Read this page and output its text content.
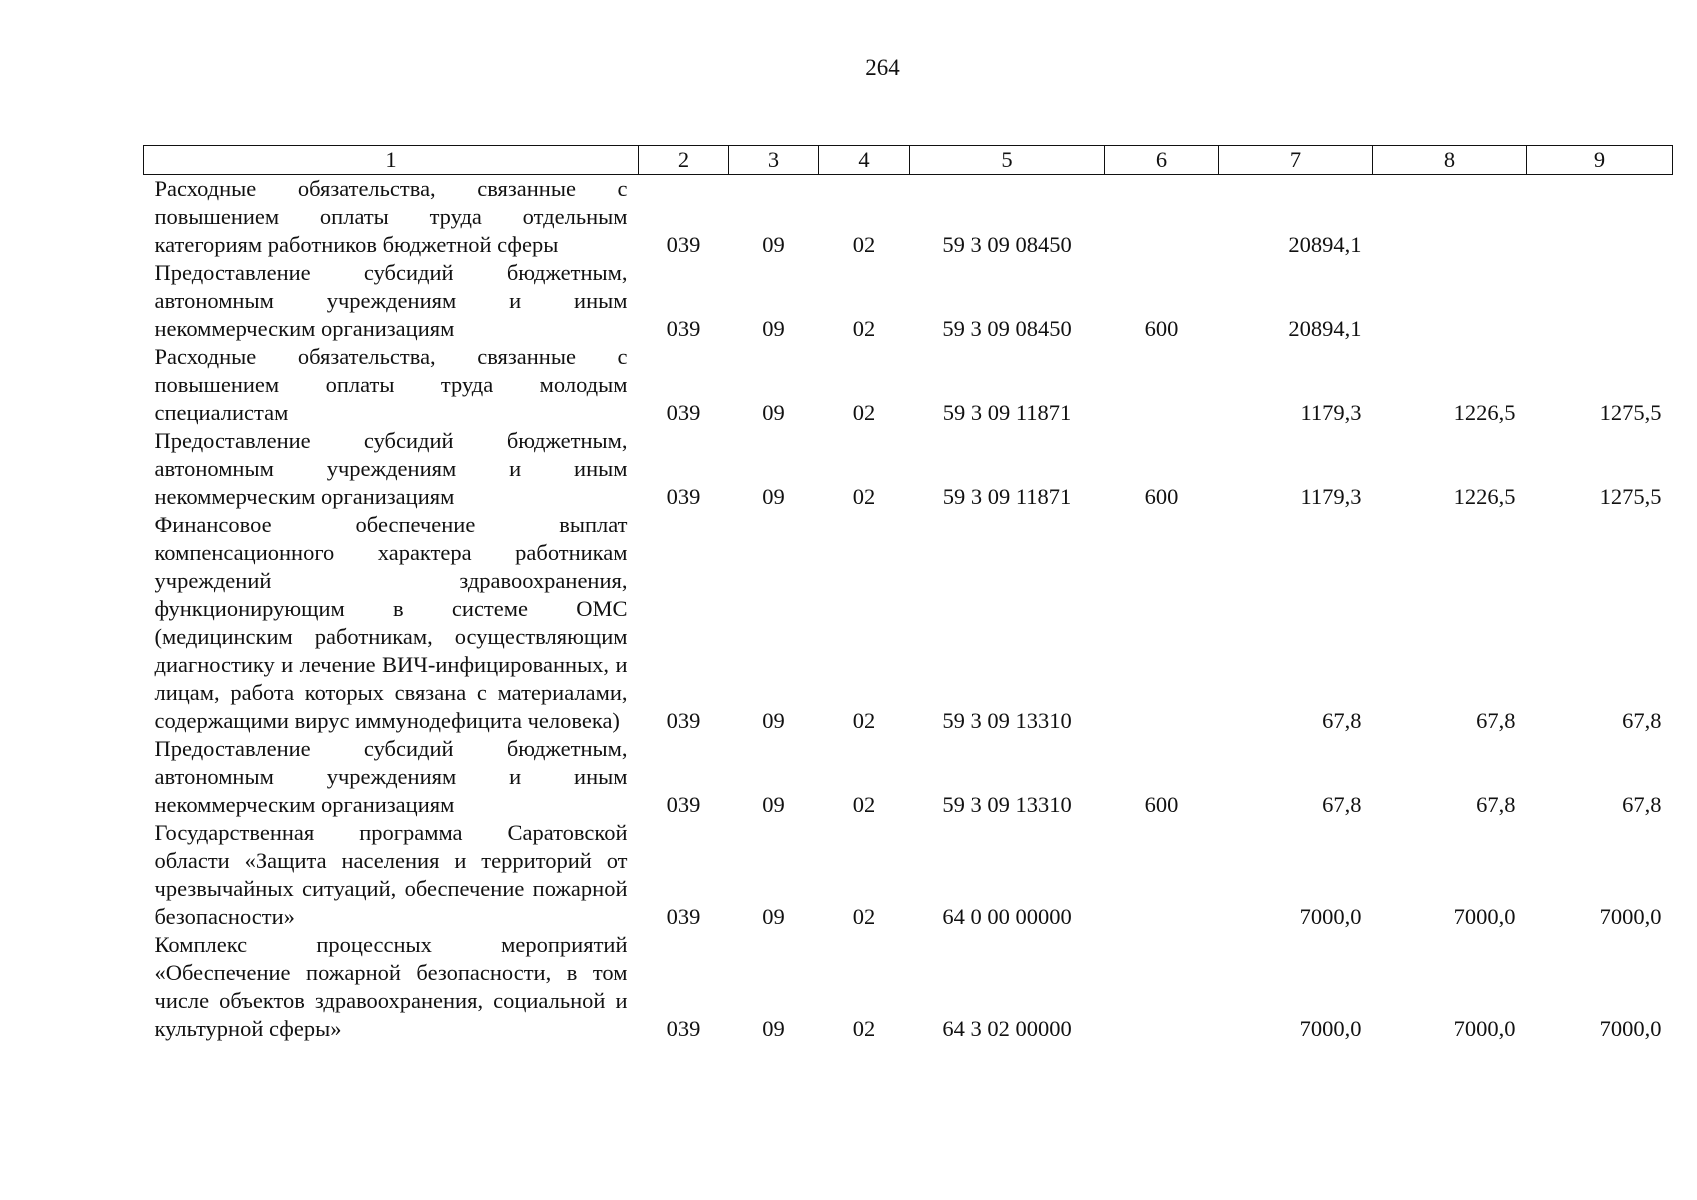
264
1	2	3	4	5	6	7	8	9
Расходные обязательства, связанные с повышением оплаты труда отдельным категориям работников бюджетной сферы	039	09	02	59 3 09 08450		20894,1		
Предоставление субсидий бюджетным, автономным учреждениям и иным некоммерческим организациям	039	09	02	59 3 09 08450	600	20894,1		
Расходные обязательства, связанные с повышением оплаты труда молодым специалистам	039	09	02	59 3 09 11871		1179,3	1226,5	1275,5
Предоставление субсидий бюджетным, автономным учреждениям и иным некоммерческим организациям	039	09	02	59 3 09 11871	600	1179,3	1226,5	1275,5
Финансовое обеспечение выплат компенсационного характера работникам учреждений здравоохранения, функционирующим в системе ОМС (медицинским работникам, осуществляющим диагностику и лечение ВИЧ-инфицированных, и лицам, работа которых связана с материалами, содержащими вирус иммунодефицита человека)	039	09	02	59 3 09 13310		67,8	67,8	67,8
Предоставление субсидий бюджетным, автономным учреждениям и иным некоммерческим организациям	039	09	02	59 3 09 13310	600	67,8	67,8	67,8
Государственная программа Саратовской области «Защита населения и территорий от чрезвычайных ситуаций, обеспечение пожарной безопасности»	039	09	02	64 0 00 00000		7000,0	7000,0	7000,0
Комплекс процессных мероприятий «Обеспечение пожарной безопасности, в том числе объектов здравоохранения, социальной и культурной сферы»	039	09	02	64 3 02 00000		7000,0	7000,0	7000,0
